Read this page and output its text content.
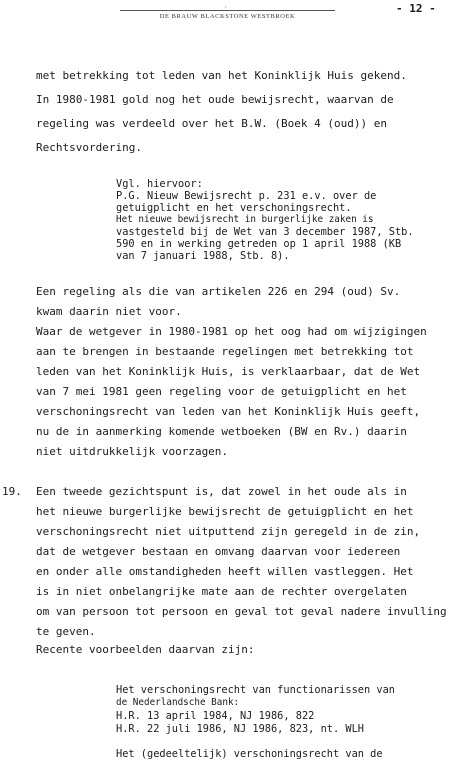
·	- 12 -
DE BRAUW BLACKSTONE WESTBROEK
met betrekking tot leden van het Koninklijk Huis gekend.
In 1980-1981 gold nog het oude bewijsrecht, waarvan de
regeling was verdeeld over het B.W. (Boek 4 (oud)) en
Rechtsvordering.
Vgl. hiervoor:
P.G. Nieuw Bewijsrecht p. 231 e.v. over de
getuigplicht en het verschoningsrecht.
Het nieuwe bewijsrecht in burgerlijke zaken is
vastgesteld bij de Wet van 3 december 1987, Stb.
590 en in werking getreden op 1 april 1988 (KB
van 7 januari 1988, Stb. 8).
Een regeling als die van artikelen 226 en 294 (oud) Sv.
kwam daarin niet voor.
Waar de wetgever in 1980-1981 op het oog had om wijzigingen
aan te brengen in bestaande regelingen met betrekking tot
leden van het Koninklijk Huis, is verklaarbaar, dat de Wet
van 7 mei 1981 geen regeling voor de getuigplicht en het
verschoningsrecht van leden van het Koninklijk Huis geeft,
nu de in aanmerking komende wetboeken (BW en Rv.) daarin
niet uitdrukkelijk voorzagen.
19. Een tweede gezichtspunt is, dat zowel in het oude als in
het nieuwe burgerlijke bewijsrecht de getuigplicht en het
verschoningsrecht niet uitputtend zijn geregeld in de zin,
dat de wetgever bestaan en omvang daarvan voor iedereen
en onder alle omstandigheden heeft willen vastleggen. Het
is in niet onbelangrijke mate aan de rechter overgelaten
om van persoon tot persoon en geval tot geval nadere invulling
te geven.
Recente voorbeelden daarvan zijn:
Het verschoningsrecht van functionarissen van
de Nederlandsche Bank:
H.R. 13 april 1984, NJ 1986, 822
H.R. 22 juli 1986, NJ 1986, 823, nt. WLH
Het (gedeeltelijk) verschoningsrecht van de
